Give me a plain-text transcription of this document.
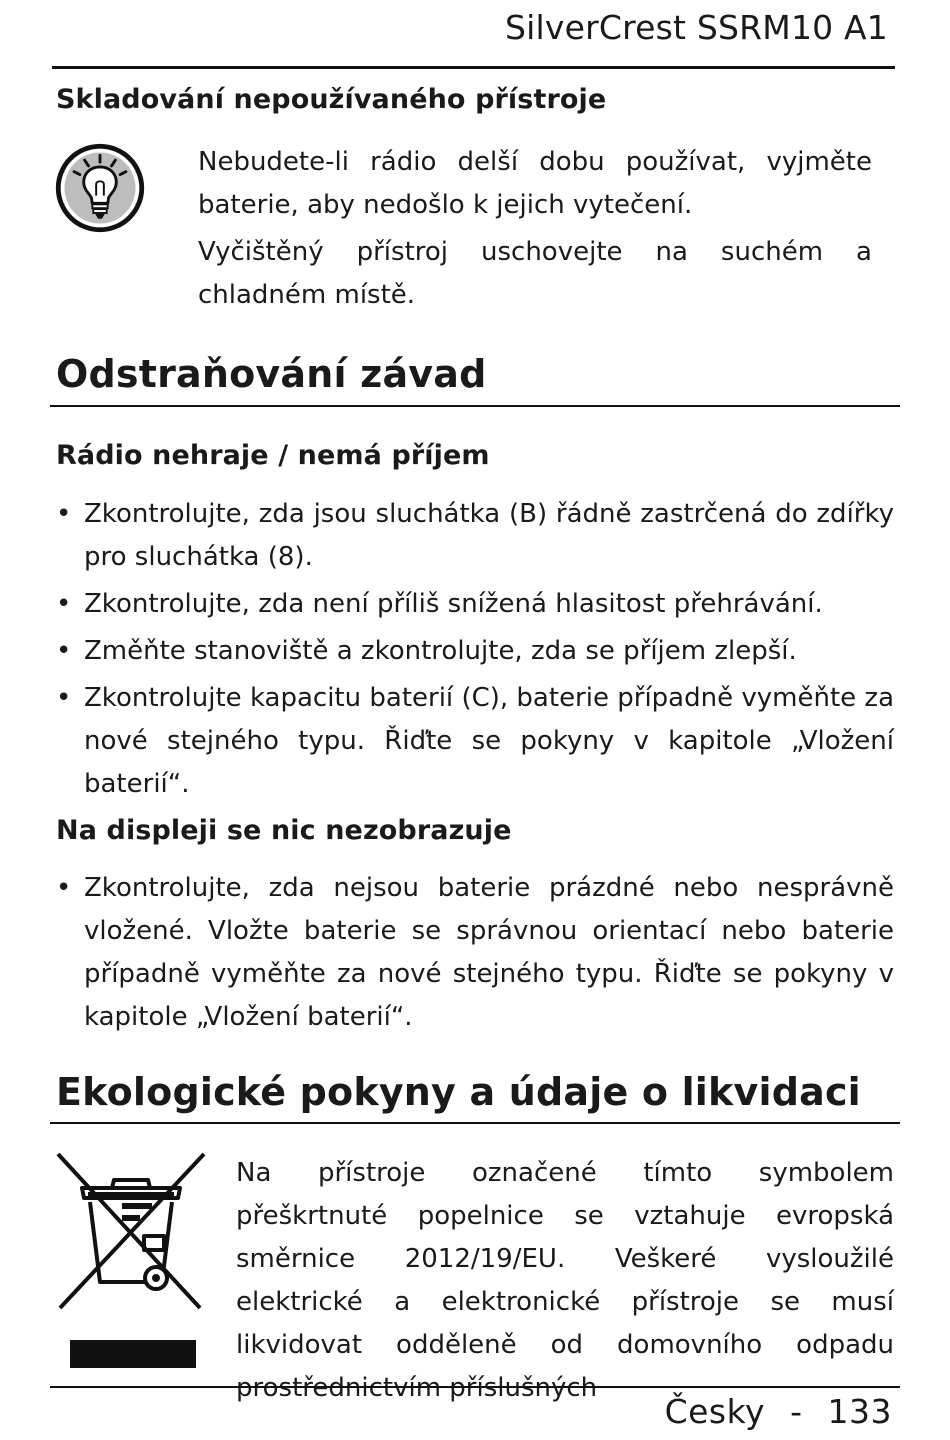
SilverCrest SSRM10 A1
Skladování nepoužívaného přístroje

Nebudete-li rádio delší dobu používat, vyjměte baterie, aby nedošlo k jejich vytečení.

Vyčištěný přístroj uschovejte na suchém a chladném místě.

Odstraňování závad
Rádio nehraje / nemá příjem
• Zkontrolujte, zda jsou sluchátka (B) řádně zastrčená do zdířky pro sluchátka (8).
• Zkontrolujte, zda není příliš snížená hlasitost přehrávání.
• Změňte stanoviště a zkontrolujte, zda se příjem zlepší.
• Zkontrolujte kapacitu baterií (C), baterie případně vyměňte za nové stejného typu. Řiďte se pokyny v kapitole „Vložení baterií“.
Na displeji se nic nezobrazuje
• Zkontrolujte, zda nejsou baterie prázdné nebo nesprávně vložené. Vložte baterie se správnou orientací nebo baterie případně vyměňte za nové stejného typu. Řiďte se pokyny v kapitole „Vložení baterií“.
Ekologické pokyny a údaje o likvidaci

Na přístroje označené tímto symbolem přeškrtnuté popelnice se vztahuje evropská směrnice 2012/19/EU. Veškeré vysloužilé elektrické a elektronické přístroje se musí likvidovat odděleně od domovního odpadu prostřednictvím příslušných

Česky - 133
